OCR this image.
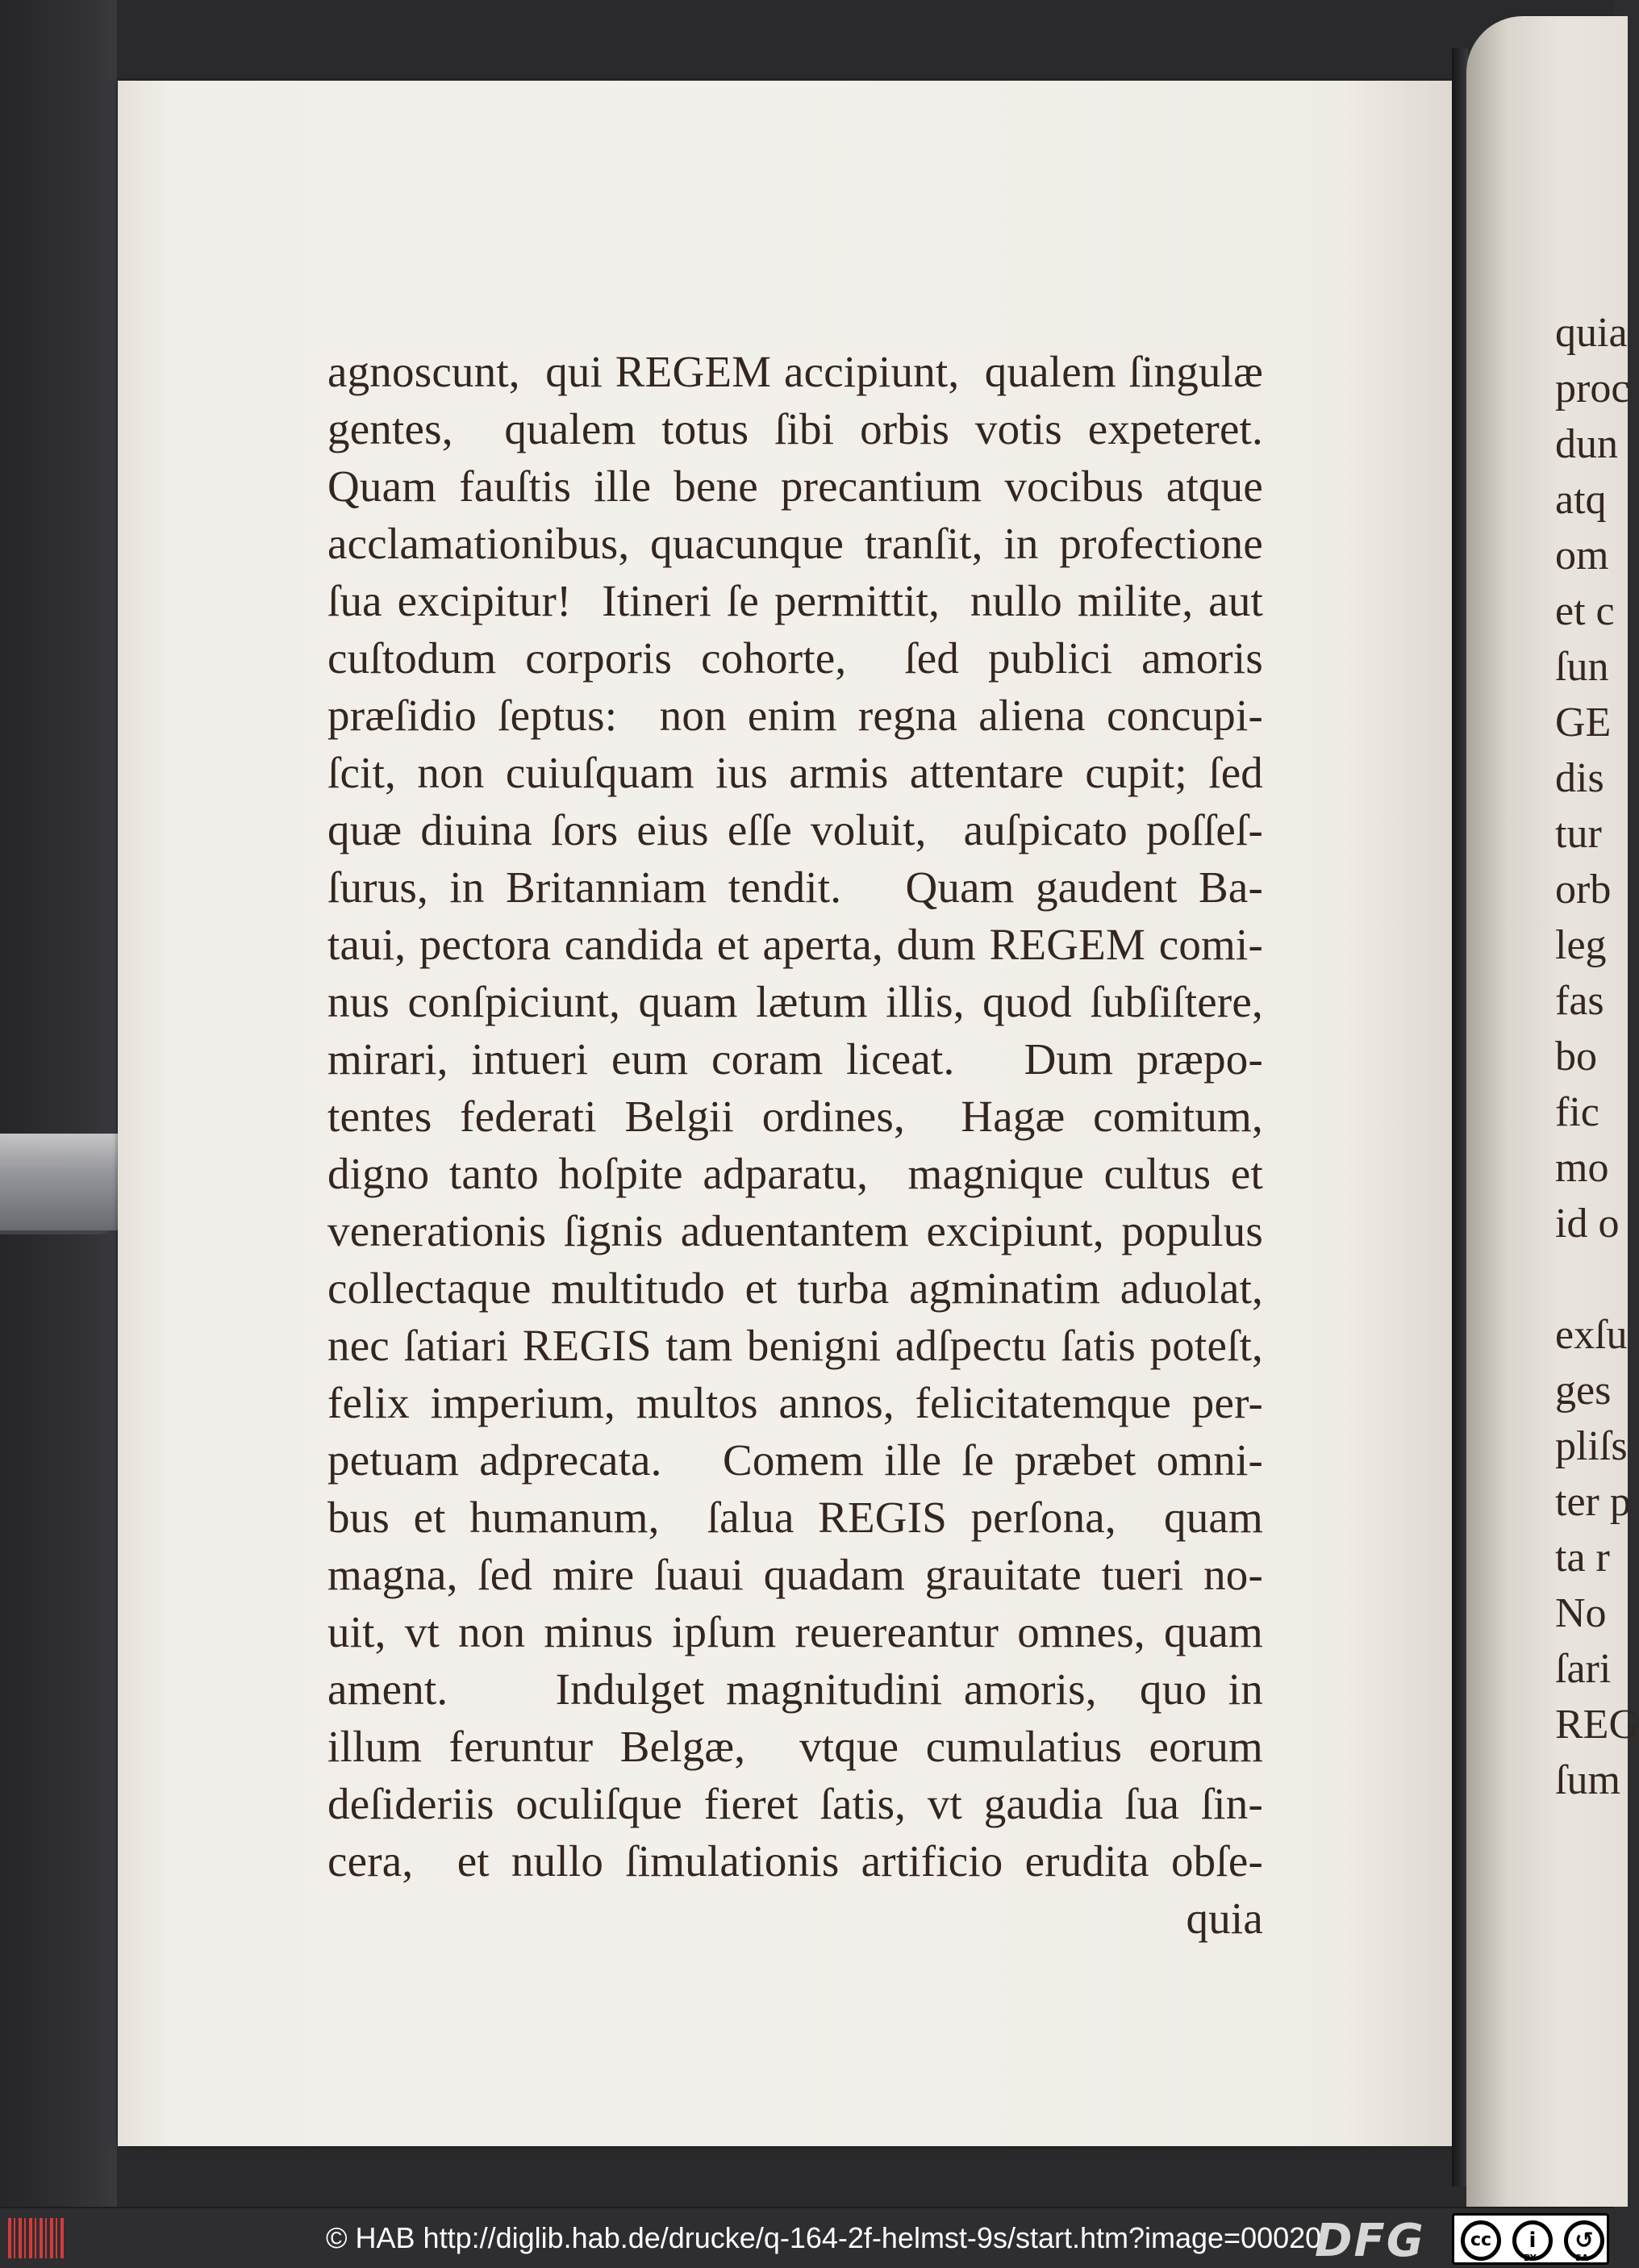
agnoscunt,  qui REGEM accipiunt,  qualem ſingulæ
gentes,  qualem totus ſibi orbis votis expeteret.
Quam fauſtis ille bene precantium vocibus atque
acclamationibus, quacunque tranſit, in profectione
ſua excipitur!  Itineri ſe permittit,  nullo milite, aut
cuſtodum corporis cohorte,  ſed publici amoris
præſidio ſeptus:  non enim regna aliena concupi-
ſcit, non cuiuſquam ius armis attentare cupit; ſed
quæ diuina ſors eius eſſe voluit,  auſpicato poſſeſ-
ſurus, in Britanniam tendit.   Quam gaudent Ba-
taui, pectora candida et aperta, dum REGEM comi-
nus conſpiciunt, quam lætum illis, quod ſubſiſtere,
mirari, intueri eum coram liceat.   Dum præpo-
tentes federati Belgii ordines,  Hagæ comitum,
digno tanto hoſpite adparatu,  magnique cultus et
venerationis ſignis aduentantem excipiunt, populus
collectaque multitudo et turba agminatim aduolat,
nec ſatiari REGIS tam benigni adſpectu ſatis poteſt,
felix imperium, multos annos, felicitatemque per-
petuam adprecata.   Comem ille ſe præbet omni-
bus et humanum,  ſalua REGIS perſona,  quam
magna, ſed mire ſuaui quadam grauitate tueri no-
uit, vt non minus ipſum reuereantur omnes, quam
ament.     Indulget magnitudini amoris,  quo in
illum feruntur Belgæ,  vtque cumulatius eorum
deſideriis oculiſque fieret ſatis, vt gaudia ſua ſin-
cera,  et nullo ſimulationis artificio erudita obſe-
quia
quia
proc
dun
atq
om
et c
ſun
GE
dis
tur
orb
leg
fas
bo
fic
mo
id o
exſu
ges
pliſs
ter p
ta r
No
ſari
REG
ſum
© HAB http://diglib.hab.de/drucke/q-164-2f-helmst-9s/start.htm?image=00020
DFG	cc	i	↺
BY	SA
